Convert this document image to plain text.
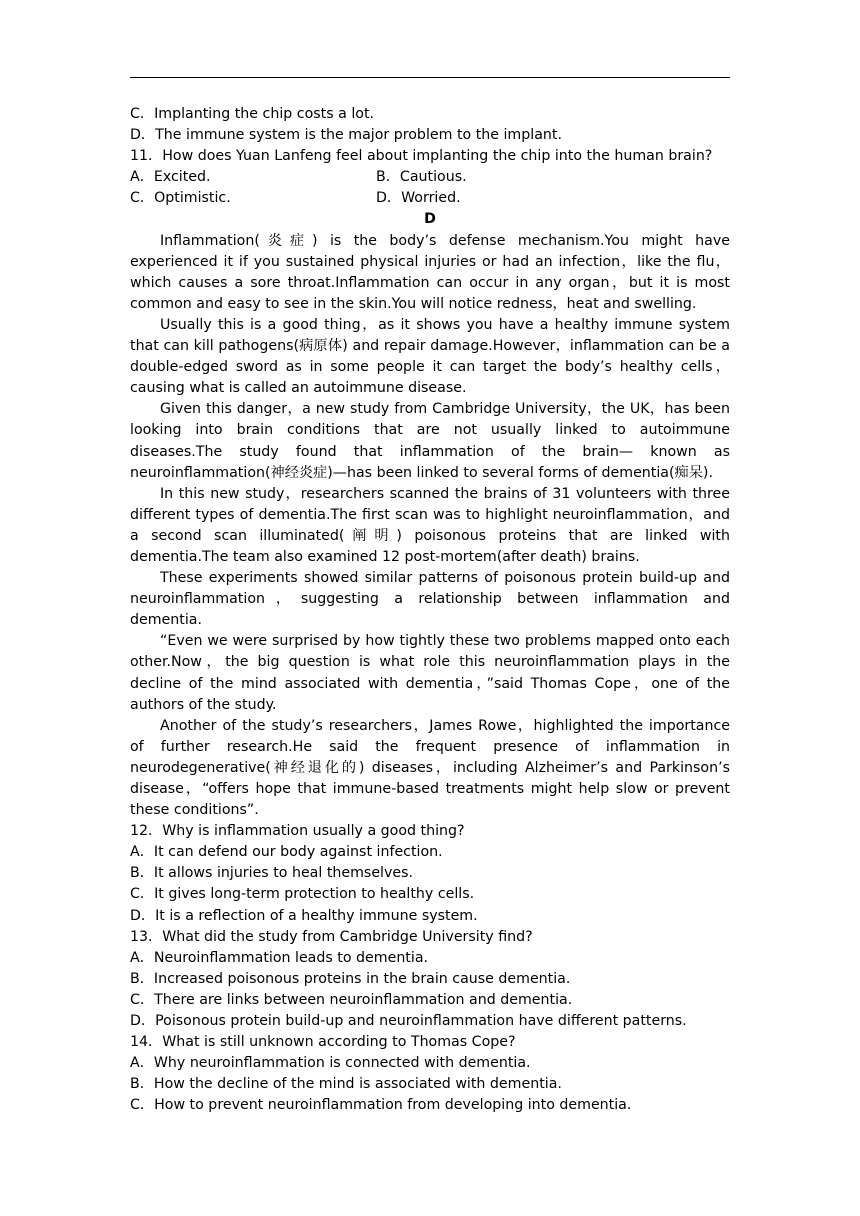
C．Implanting the chip costs a lot.
D．The immune system is the major problem to the implant.
11．How does Yuan Lanfeng feel about implanting the chip into the human brain?
A．Excited.	B．Cautious.
C．Optimistic.	D．Worried.
D
Inflammation(炎症) is the body’s defense mechanism.You might have experienced it if you sustained physical injuries or had an infection，like the flu，which causes a sore throat.Inflammation can occur in any organ，but it is most common and easy to see in the skin.You will notice redness，heat and swelling.
Usually this is a good thing，as it shows you have a healthy immune system that can kill pathogens(病原体) and repair damage.However，inflammation can be a double-edged sword as in some people it can target the body’s healthy cells，causing what is called an autoimmune disease.
Given this danger，a new study from Cambridge University，the UK，has been looking into brain conditions that are not usually linked to autoimmune diseases.The study found that inflammation of the brain— known as neuroinflammation(神经炎症)—has been linked to several forms of dementia(痴呆).
In this new study，researchers scanned the brains of 31 volunteers with three different types of dementia.The first scan was to highlight neuroinflammation，and a second scan illuminated(阐明) poisonous proteins that are linked with dementia.The team also examined 12 post-mortem(after death) brains.
These experiments showed similar patterns of poisonous protein build-up and neuroinflammation，suggesting a relationship between inflammation and dementia.
“Even we were surprised by how tightly these two problems mapped onto each other.Now，the big question is what role this neuroinflammation plays in the decline of the mind associated with dementia，”said Thomas Cope，one of the authors of the study.
Another of the study’s researchers，James Rowe，highlighted the importance of further research.He said the frequent presence of inflammation in neurodegenerative(神经退化的) diseases，including Alzheimer’s and Parkinson’s disease，“offers hope that immune-based treatments might help slow or prevent these conditions”.
12．Why is inflammation usually a good thing?
A．It can defend our body against infection.
B．It allows injuries to heal themselves.
C．It gives long-term protection to healthy cells.
D．It is a reflection of a healthy immune system.
13．What did the study from Cambridge University find?
A．Neuroinflammation leads to dementia.
B．Increased poisonous proteins in the brain cause dementia.
C．There are links between neuroinflammation and dementia.
D．Poisonous protein build-up and neuroinflammation have different patterns.
14．What is still unknown according to Thomas Cope?
A．Why neuroinflammation is connected with dementia.
B．How the decline of the mind is associated with dementia.
C．How to prevent neuroinflammation from developing into dementia.
